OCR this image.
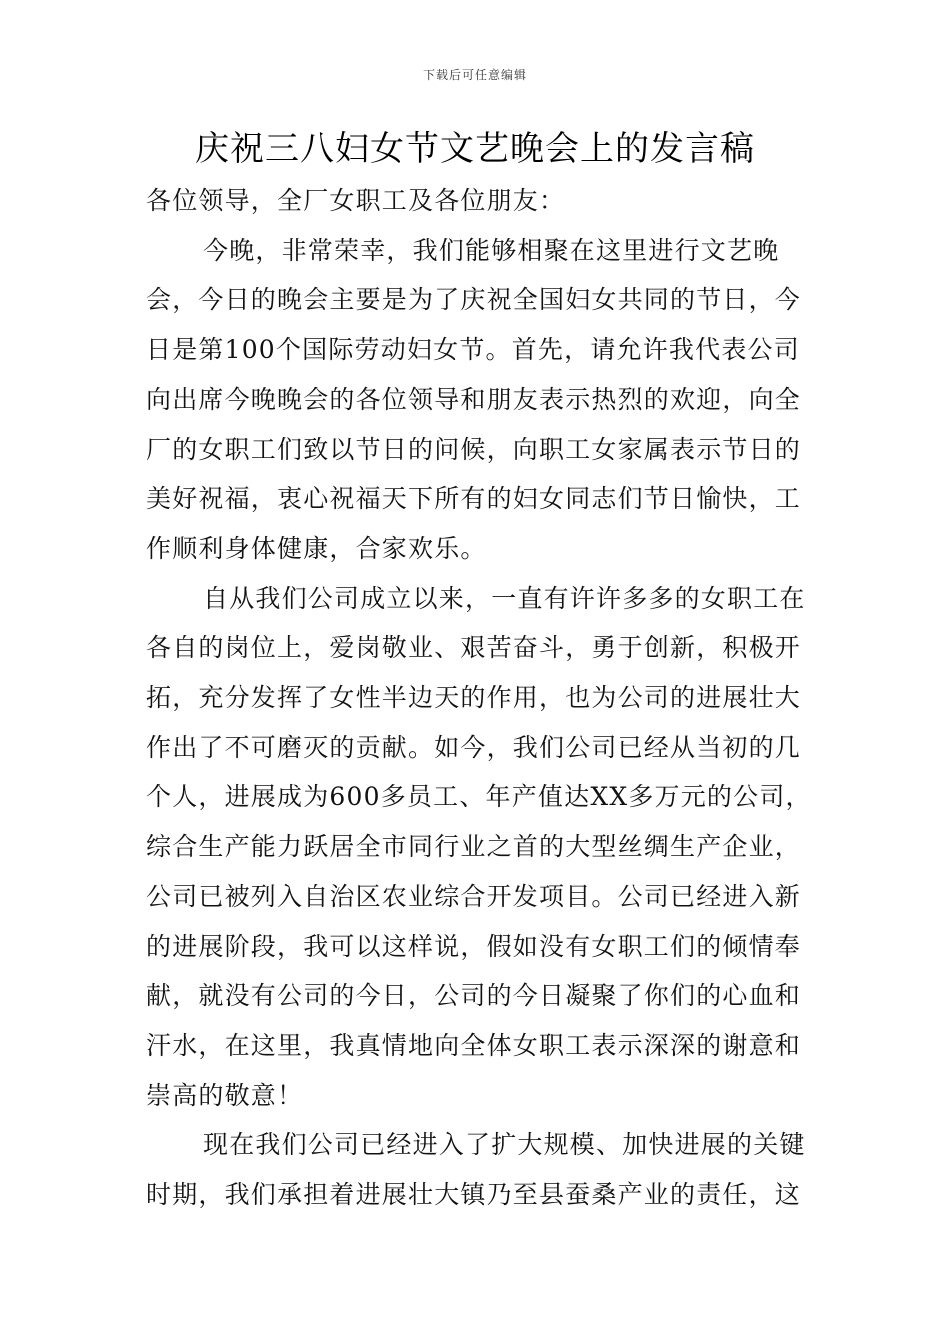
下载后可任意编辑
庆祝三八妇女节文艺晚会上的发言稿

各位领导，全厂女职工及各位朋友：

今晚，非常荣幸，我们能够相聚在这里进行文艺晚会，今日的晚会主要是为了庆祝全国妇女共同的节日，今日是第100个国际劳动妇女节。首先，请允许我代表公司向出席今晚晚会的各位领导和朋友表示热烈的欢迎，向全厂的女职工们致以节日的问候，向职工女家属表示节日的美好祝福，衷心祝福天下所有的妇女同志们节日愉快，工作顺利身体健康，合家欢乐。

自从我们公司成立以来，一直有许许多多的女职工在各自的岗位上，爱岗敬业、艰苦奋斗，勇于创新，积极开拓，充分发挥了女性半边天的作用，也为公司的进展壮大作出了不可磨灭的贡献。如今，我们公司已经从当初的几个人，进展成为600多员工、年产值达XX多万元的公司，综合生产能力跃居全市同行业之首的大型丝绸生产企业，公司已被列入自治区农业综合开发项目。公司已经进入新的进展阶段，我可以这样说，假如没有女职工们的倾情奉献，就没有公司的今日，公司的今日凝聚了你们的心血和汗水，在这里，我真情地向全体女职工表示深深的谢意和崇高的敬意！

现在我们公司已经进入了扩大规模、加快进展的关键时期，我们承担着进展壮大镇乃至县蚕桑产业的责任，这
